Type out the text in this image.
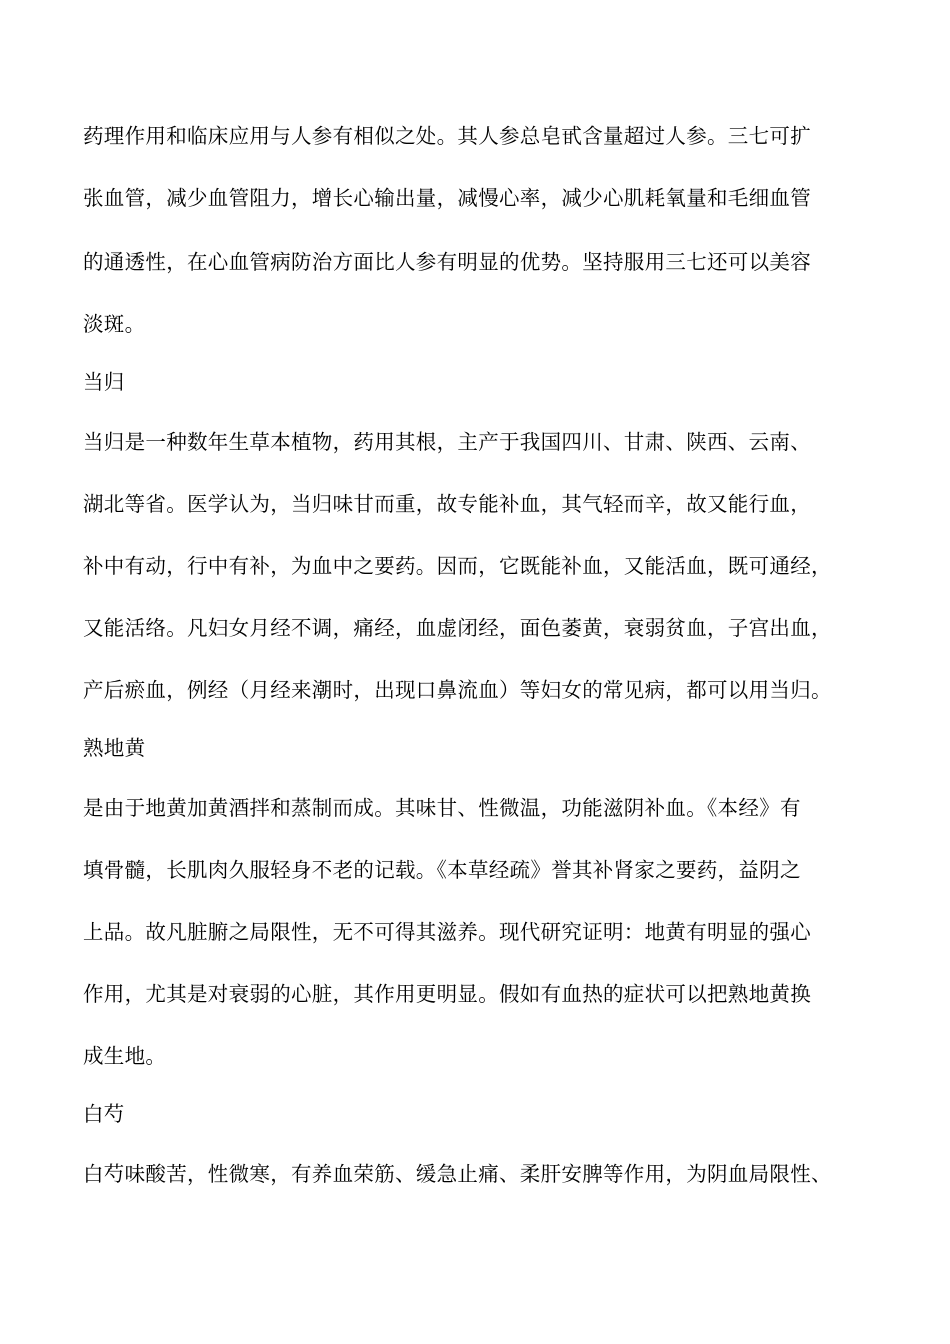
药理作用和临床应用与人参有相似之处。其人参总皂甙含量超过人参。三七可扩
张血管，减少血管阻力，增长心输出量，减慢心率，减少心肌耗氧量和毛细血管
的通透性，在心血管病防治方面比人参有明显的优势。坚持服用三七还可以美容
淡斑。
当归
当归是一种数年生草本植物，药用其根，主产于我国四川、甘肃、陕西、云南、
湖北等省。医学认为，当归味甘而重，故专能补血，其气轻而辛，故又能行血，
补中有动，行中有补，为血中之要药。因而，它既能补血，又能活血，既可通经，
又能活络。凡妇女月经不调，痛经，血虚闭经，面色萎黄，衰弱贫血，子宫出血，
产后瘀血，例经（月经来潮时，出现口鼻流血）等妇女的常见病，都可以用当归。
熟地黄
是由于地黄加黄酒拌和蒸制而成。其味甘、性微温，功能滋阴补血。《本经》有
填骨髓，长肌肉久服轻身不老的记载。《本草经疏》誉其补肾家之要药，益阴之
上品。故凡脏腑之局限性，无不可得其滋养。现代研究证明：地黄有明显的强心
作用，尤其是对衰弱的心脏，其作用更明显。假如有血热的症状可以把熟地黄换
成生地。
白芍
白芍味酸苦，性微寒，有养血荣筋、缓急止痛、柔肝安脾等作用，为阴血局限性、
